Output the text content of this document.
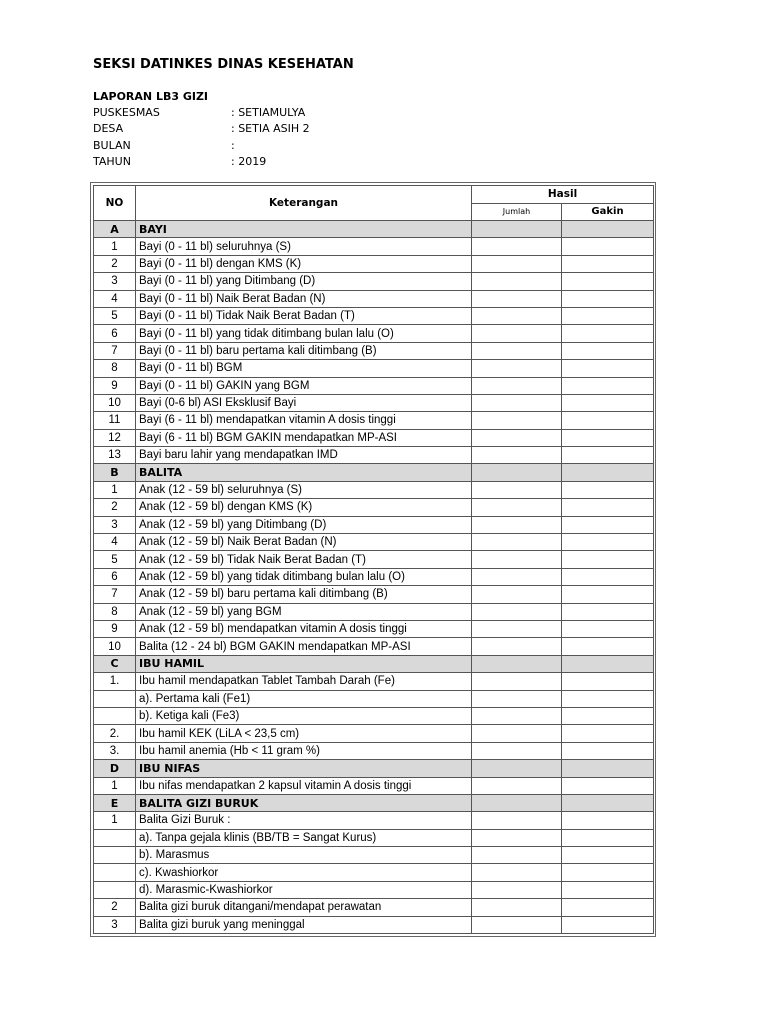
SEKSI DATINKES DINAS KESEHATAN
LAPORAN LB3 GIZI
PUSKESMAS	: SETIAMULYA
DESA	: SETIA ASIH 2
BULAN	:
TAHUN	: 2019
NO	Keterangan	Hasil	
		Jumlah	Gakin
A	BAYI		
1	Bayi (0 - 11 bl) seluruhnya (S)		
2	Bayi (0 - 11 bl) dengan KMS (K)		
3	Bayi (0 - 11 bl) yang Ditimbang (D)		
4	Bayi (0 - 11 bl) Naik Berat Badan (N)		
5	Bayi (0 - 11 bl) Tidak Naik Berat Badan (T)		
6	Bayi (0 - 11 bl) yang tidak ditimbang bulan lalu (O)		
7	Bayi (0 - 11 bl) baru pertama kali ditimbang (B)		
8	Bayi (0 - 11 bl) BGM		
9	Bayi (0 - 11 bl) GAKIN yang BGM		
10	Bayi (0-6 bl) ASI Eksklusif Bayi		
11	Bayi (6 - 11 bl) mendapatkan vitamin A dosis tinggi		
12	Bayi (6 - 11 bl) BGM GAKIN mendapatkan MP-ASI		
13	Bayi baru lahir yang mendapatkan IMD		
B	BALITA		
1	Anak (12 - 59 bl) seluruhnya (S)		
2	Anak (12 - 59 bl) dengan KMS (K)		
3	Anak (12 - 59 bl) yang Ditimbang (D)		
4	Anak (12 - 59 bl) Naik Berat Badan (N)		
5	Anak (12 - 59 bl) Tidak Naik Berat Badan (T)		
6	Anak (12 - 59 bl) yang tidak ditimbang bulan lalu (O)		
7	Anak (12 - 59 bl) baru pertama kali ditimbang (B)		
8	Anak (12 - 59 bl) yang BGM		
9	Anak (12 - 59 bl) mendapatkan vitamin A dosis tinggi		
10	Balita (12 - 24 bl) BGM GAKIN mendapatkan MP-ASI		
C	IBU HAMIL		
1.	Ibu hamil mendapatkan Tablet Tambah Darah (Fe)		
	a). Pertama kali (Fe1)		
	b). Ketiga kali (Fe3)		
2.	Ibu hamil KEK (LiLA < 23,5 cm)		
3.	Ibu hamil anemia (Hb < 11 gram %)		
D	IBU NIFAS		
1	Ibu nifas mendapatkan 2 kapsul vitamin A dosis tinggi		
E	BALITA GIZI BURUK		
1	Balita Gizi Buruk :		
	a). Tanpa gejala klinis (BB/TB = Sangat Kurus)		
	b). Marasmus		
	c). Kwashiorkor		
	d). Marasmic-Kwashiorkor		
2	Balita gizi buruk ditangani/mendapat perawatan		
3	Balita gizi buruk yang meninggal		
